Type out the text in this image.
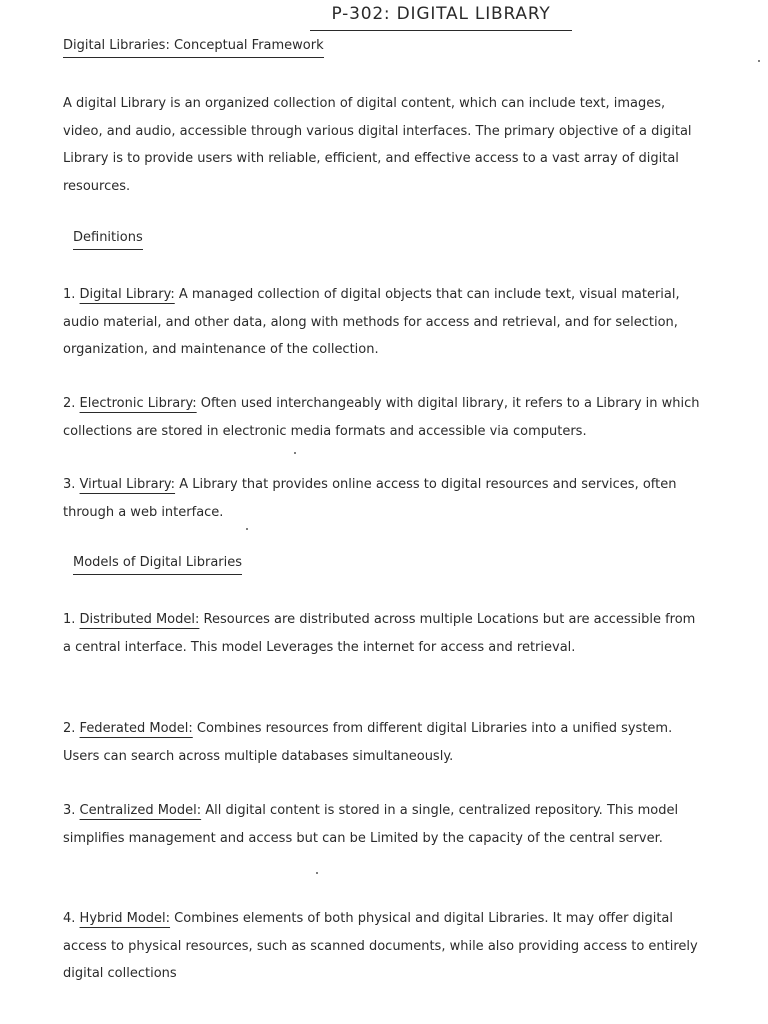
P-302: DIGITAL LIBRARY
Digital Libraries: Conceptual Framework

A digital Library is an organized collection of digital content, which can include text, images, video, and audio, accessible through various digital interfaces. The primary objective of a digital Library is to provide users with reliable, efficient, and effective access to a vast array of digital resources.

Definitions

1. Digital Library: A managed collection of digital objects that can include text, visual material, audio material, and other data, along with methods for access and retrieval, and for selection, organization, and maintenance of the collection.

2. Electronic Library: Often used interchangeably with digital library, it refers to a Library in which collections are stored in electronic media formats and accessible via computers.

3. Virtual Library: A Library that provides online access to digital resources and services, often through a web interface.

Models of Digital Libraries

1. Distributed Model: Resources are distributed across multiple Locations but are accessible from a central interface. This model Leverages the internet for access and retrieval.

2. Federated Model: Combines resources from different digital Libraries into a unified system. Users can search across multiple databases simultaneously.

3. Centralized Model: All digital content is stored in a single, centralized repository. This model simplifies management and access but can be Limited by the capacity of the central server.

4. Hybrid Model: Combines elements of both physical and digital Libraries. It may offer digital access to physical resources, such as scanned documents, while also providing access to entirely digital collections
